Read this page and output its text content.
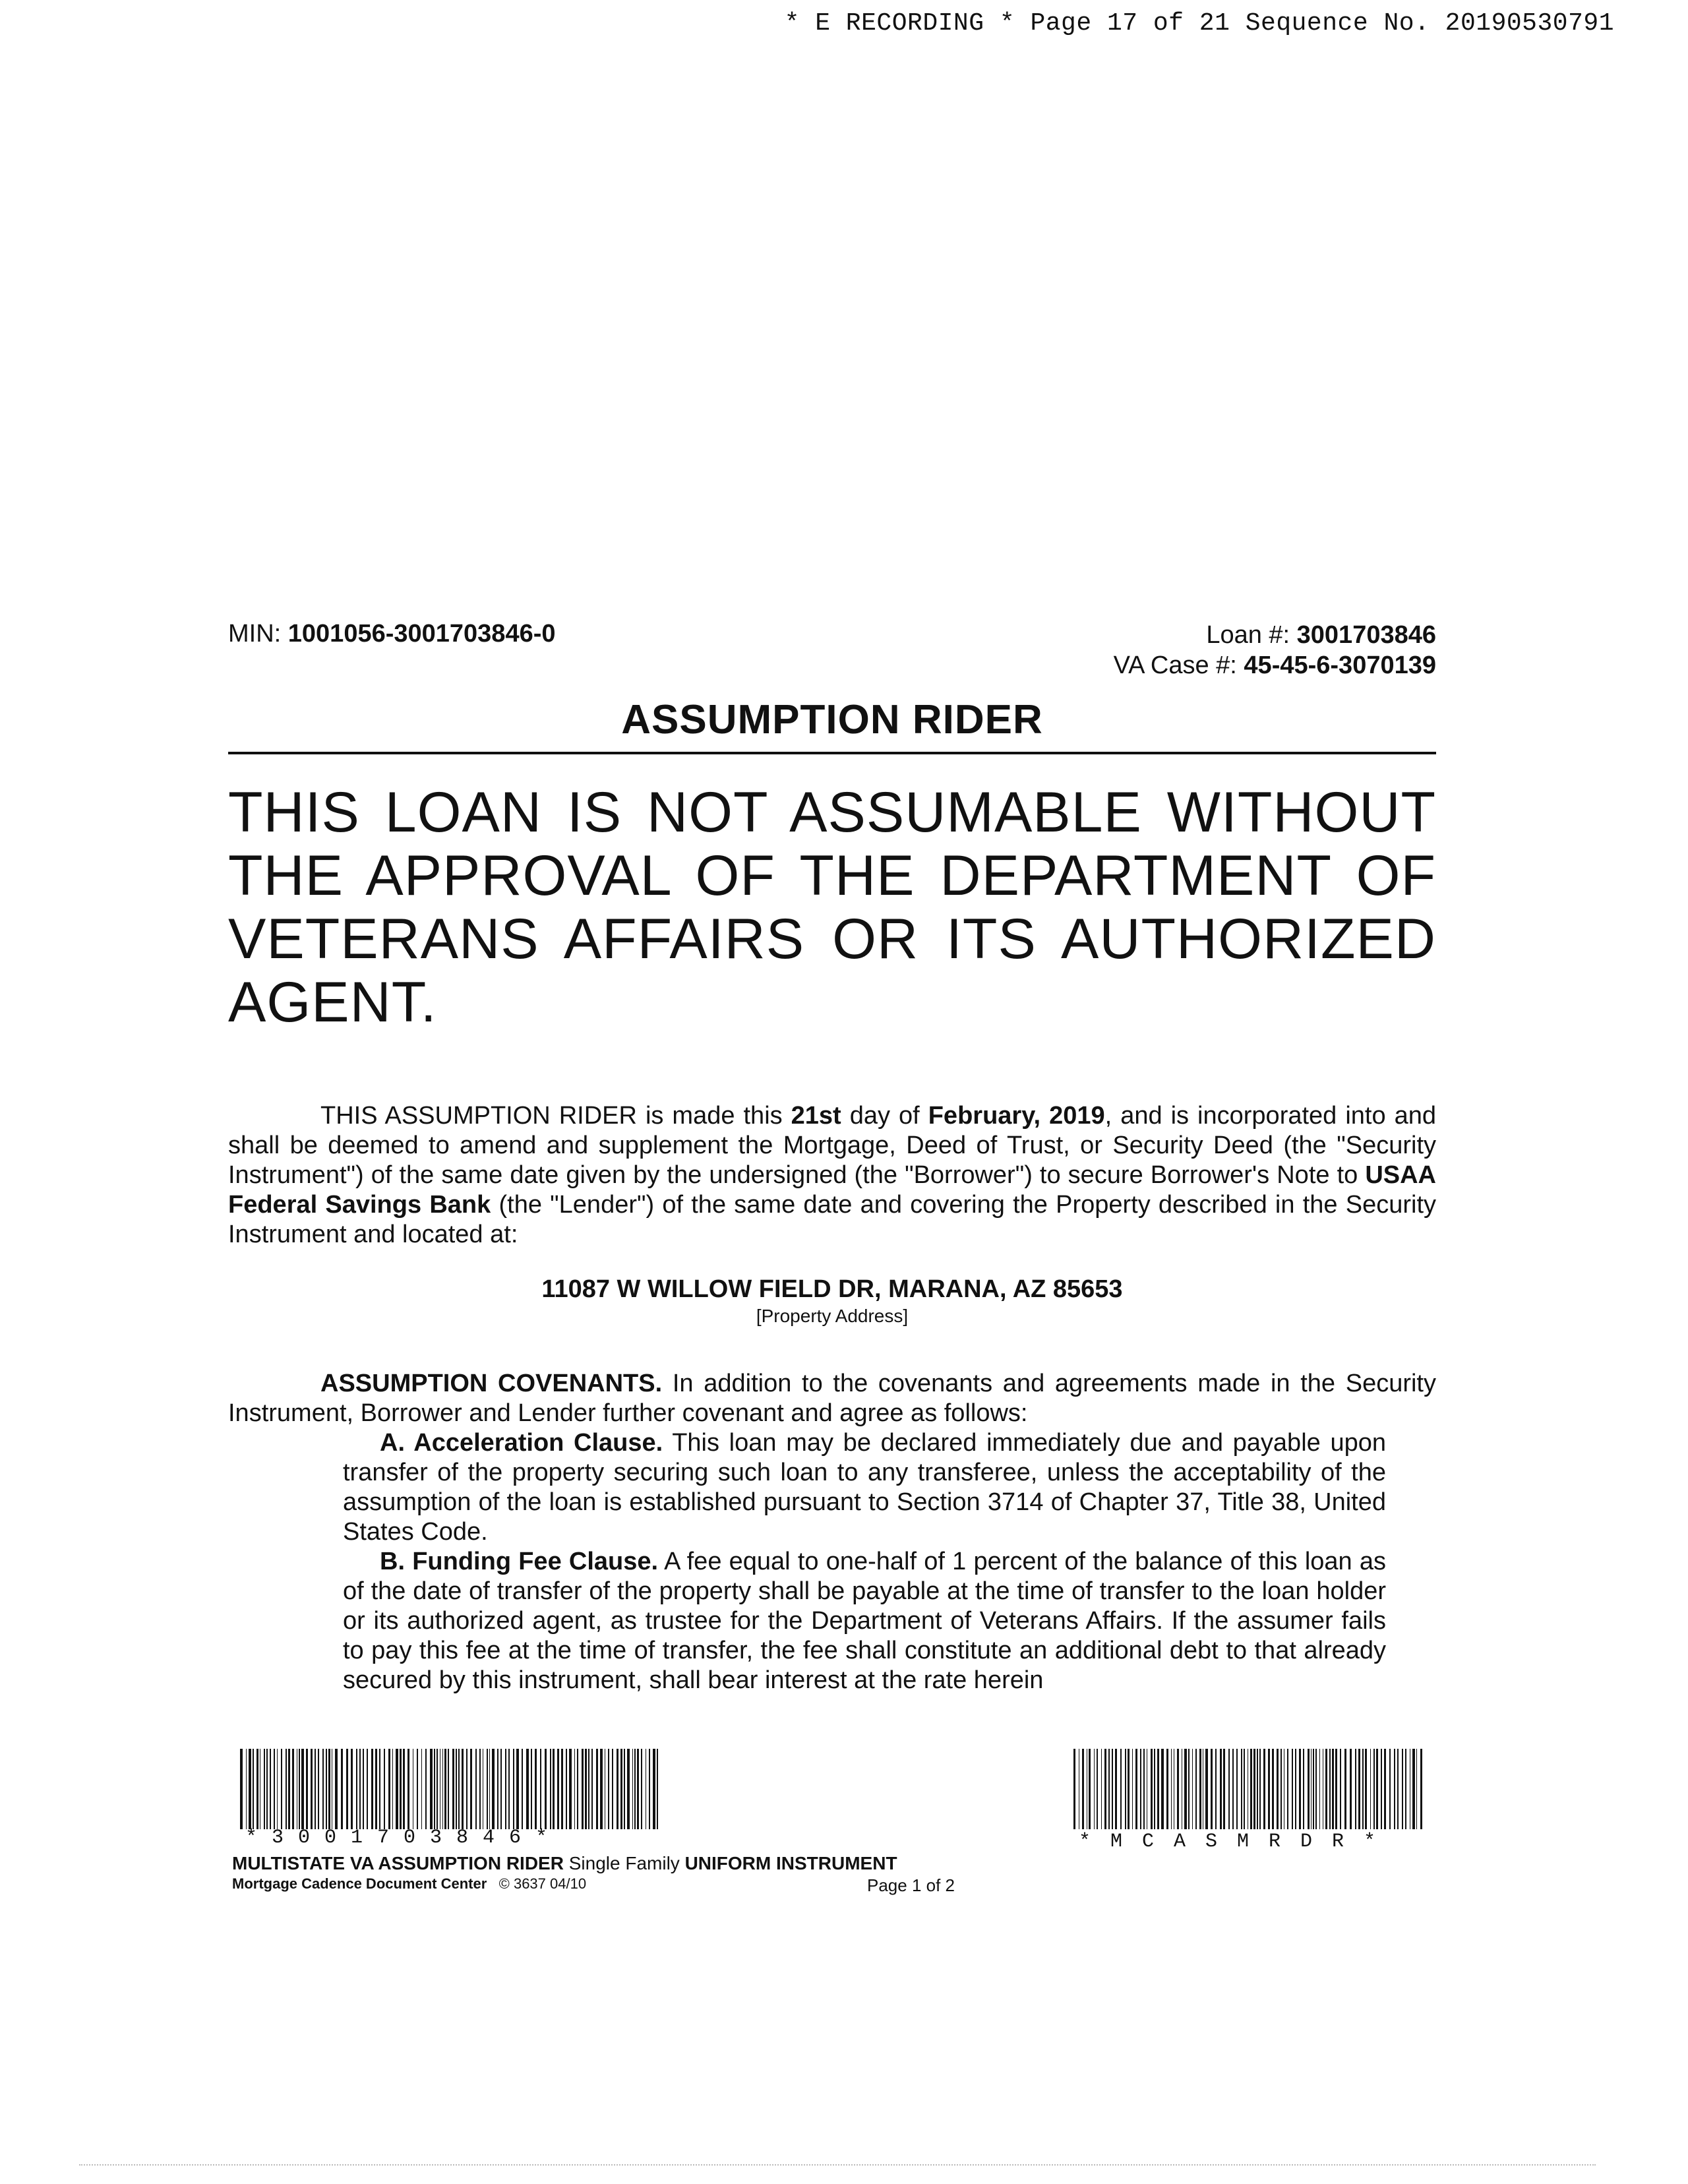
* E RECORDING * Page 17 of 21 Sequence No. 20190530791
MIN: 1001056-3001703846-0	Loan #: 3001703846
VA Case #: 45-45-6-3070139
ASSUMPTION RIDER
THIS LOAN IS NOT ASSUMABLE WITHOUT THE APPROVAL OF THE DEPARTMENT OF VETERANS AFFAIRS OR ITS AUTHORIZED AGENT.

THIS ASSUMPTION RIDER is made this 21st day of February, 2019, and is incorporated into and shall be deemed to amend and supplement the Mortgage, Deed of Trust, or Security Deed (the "Security Instrument") of the same date given by the undersigned (the "Borrower") to secure Borrower's Note to USAA Federal Savings Bank (the "Lender") of the same date and covering the Property described in the Security Instrument and located at:

11087 W WILLOW FIELD DR, MARANA, AZ 85653
[Property Address]

ASSUMPTION COVENANTS. In addition to the covenants and agreements made in the Security Instrument, Borrower and Lender further covenant and agree as follows:

A. Acceleration Clause. This loan may be declared immediately due and payable upon transfer of the property securing such loan to any transferee, unless the acceptability of the assumption of the loan is established pursuant to Section 3714 of Chapter 37, Title 38, United States Code.

B. Funding Fee Clause. A fee equal to one-half of 1 percent of the balance of this loan as of the date of transfer of the property shall be payable at the time of transfer to the loan holder or its authorized agent, as trustee for the Department of Veterans Affairs. If the assumer fails to pay this fee at the time of transfer, the fee shall constitute an additional debt to that already secured by this instrument, shall bear interest at the rate herein

*3001703846*	*MCASMRDR*
MULTISTATE VA ASSUMPTION RIDER Single Family UNIFORM INSTRUMENT
Mortgage Cadence Document Center © 3637 04/10	Page 1 of 2
